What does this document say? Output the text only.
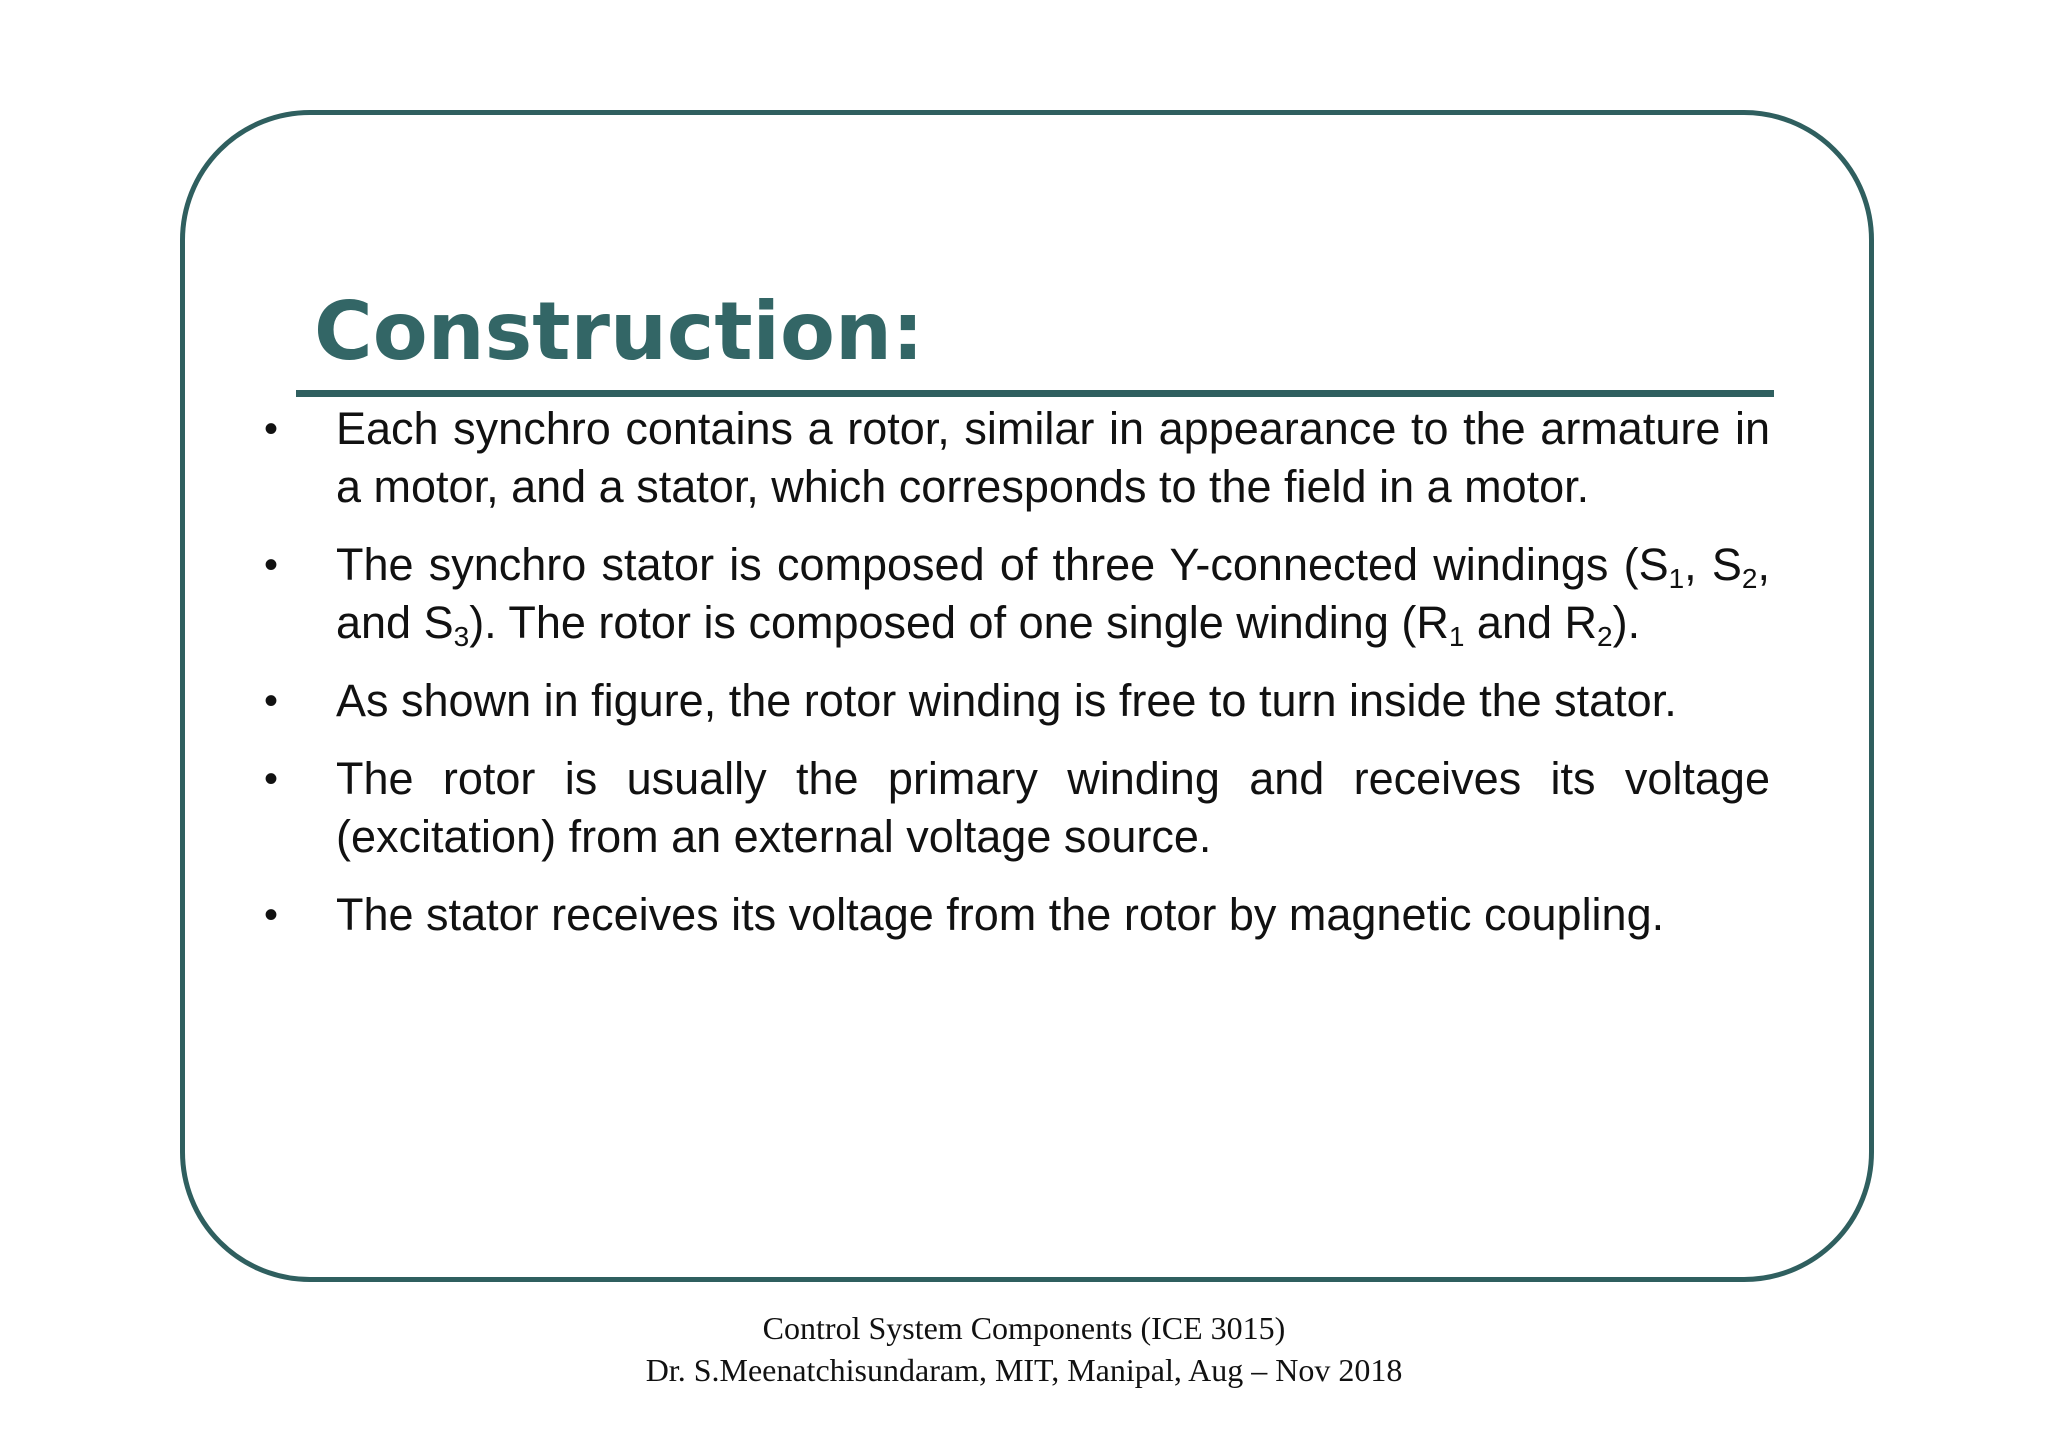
Construction:
• Each synchro contains a rotor, similar in appearance to the armature in a motor, and a stator, which corresponds to the field in a motor.
• The synchro stator is composed of three Y-connected windings ($S_1$, $S_2$, and $S_3$). The rotor is composed of one single winding ($R_1$ and $R_2$).
• As shown in figure, the rotor winding is free to turn inside the stator.
• The rotor is usually the primary winding and receives its voltage (excitation) from an external voltage source.
• The stator receives its voltage from the rotor by magnetic coupling.
Control System Components (ICE 3015)
Dr. S.Meenatchisundaram, MIT, Manipal, Aug – Nov 2018
